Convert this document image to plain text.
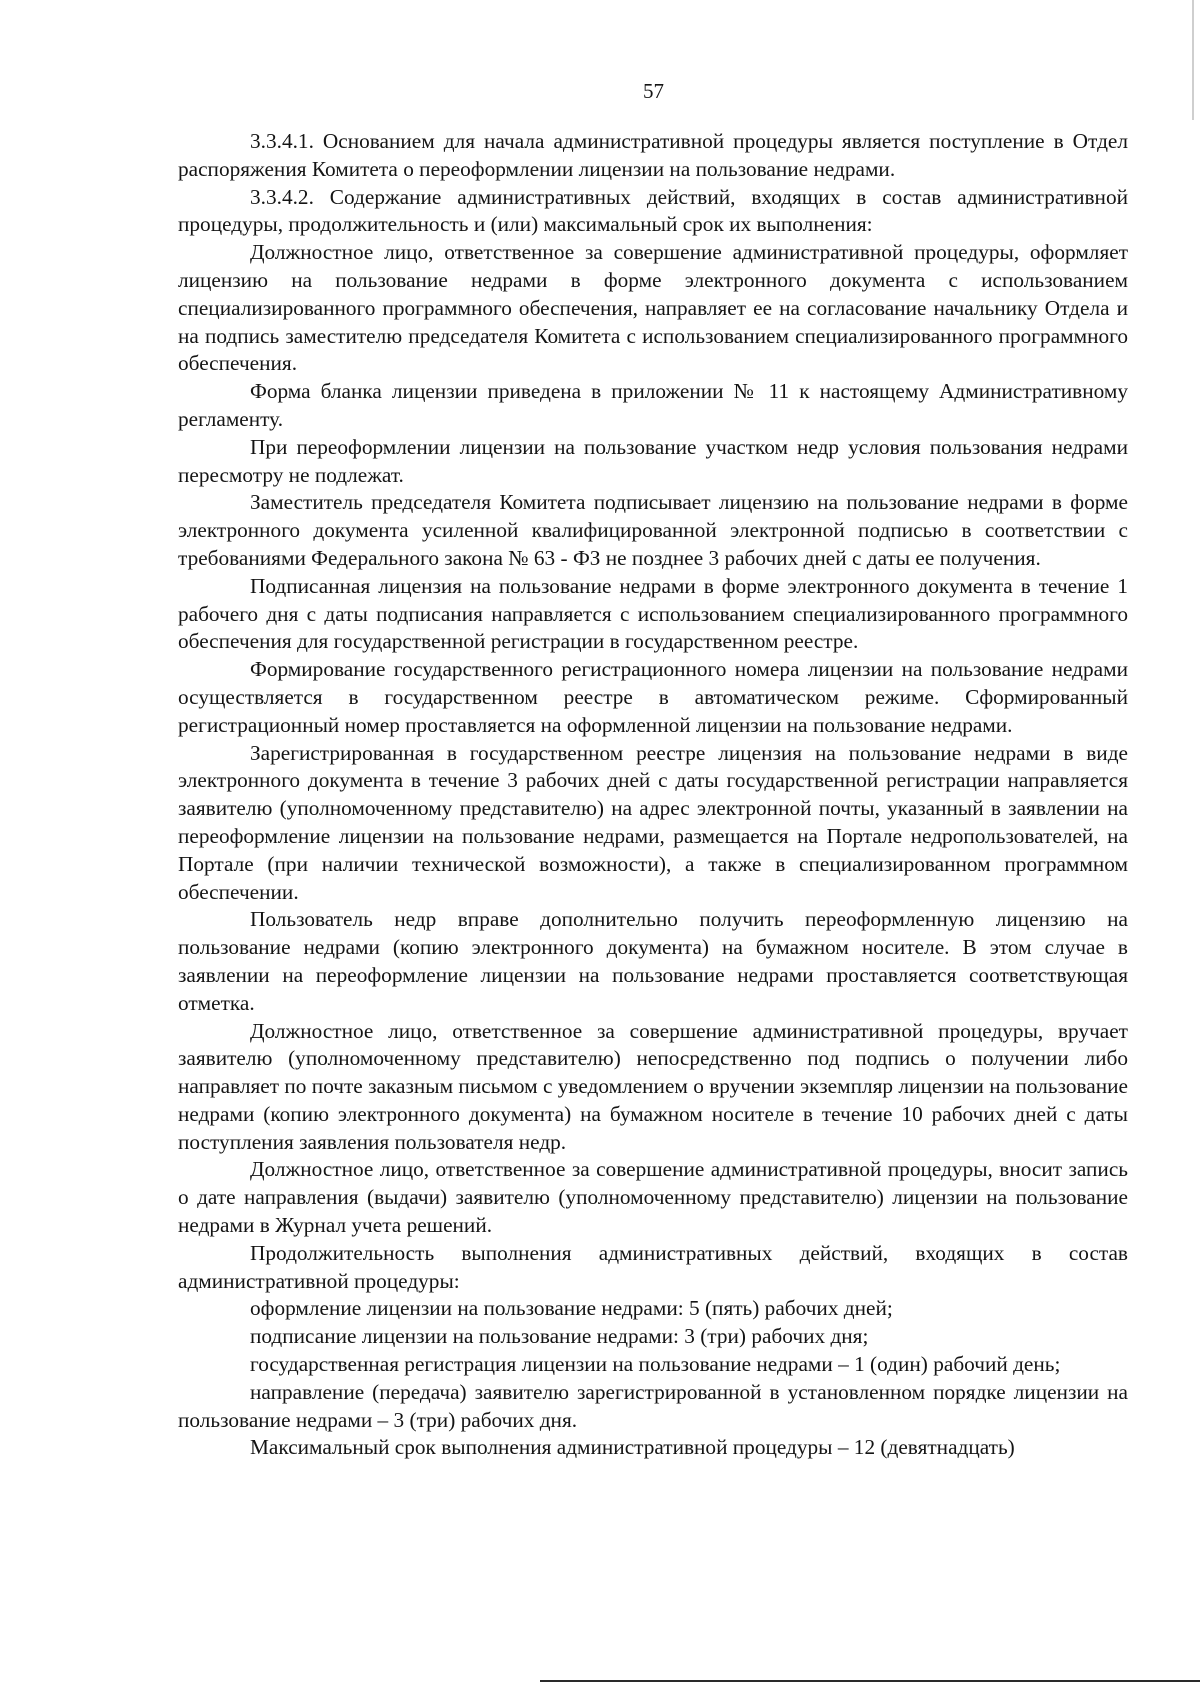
57

3.3.4.1. Основанием для начала административной процедуры является поступление в Отдел распоряжения Комитета о переоформлении лицензии на пользование недрами.

3.3.4.2. Содержание административных действий, входящих в состав административной процедуры, продолжительность и (или) максимальный срок их выполнения:

Должностное лицо, ответственное за совершение административной процедуры, оформляет лицензию на пользование недрами в форме электронного документа с использованием специализированного программного обеспечения, направляет ее на согласование начальнику Отдела и на подпись заместителю председателя Комитета с использованием специализированного программного обеспечения.

Форма бланка лицензии приведена в приложении № 11 к настоящему Административному регламенту.

При переоформлении лицензии на пользование участком недр условия пользования недрами пересмотру не подлежат.

Заместитель председателя Комитета подписывает лицензию на пользование недрами в форме электронного документа усиленной квалифицированной электронной подписью в соответствии с требованиями Федерального закона № 63 - ФЗ не позднее 3 рабочих дней с даты ее получения.

Подписанная лицензия на пользование недрами в форме электронного документа в течение 1 рабочего дня с даты подписания направляется с использованием специализированного программного обеспечения для государственной регистрации в государственном реестре.

Формирование государственного регистрационного номера лицензии на пользование недрами осуществляется в государственном реестре в автоматическом режиме. Сформированный регистрационный номер проставляется на оформленной лицензии на пользование недрами.

Зарегистрированная в государственном реестре лицензия на пользование недрами в виде электронного документа в течение 3 рабочих дней с даты государственной регистрации направляется заявителю (уполномоченному представителю) на адрес электронной почты, указанный в заявлении на переоформление лицензии на пользование недрами, размещается на Портале недропользователей, на Портале (при наличии технической возможности), а также в специализированном программном обеспечении.

Пользователь недр вправе дополнительно получить переоформленную лицензию на пользование недрами (копию электронного документа) на бумажном носителе. В этом случае в заявлении на переоформление лицензии на пользование недрами проставляется соответствующая отметка.

Должностное лицо, ответственное за совершение административной процедуры, вручает заявителю (уполномоченному представителю) непосредственно под подпись о получении либо направляет по почте заказным письмом с уведомлением о вручении экземпляр лицензии на пользование недрами (копию электронного документа) на бумажном носителе в течение 10 рабочих дней с даты поступления заявления пользователя недр.

Должностное лицо, ответственное за совершение административной процедуры, вносит запись о дате направления (выдачи) заявителю (уполномоченному представителю) лицензии на пользование недрами в Журнал учета решений.

Продолжительность выполнения административных действий, входящих в состав административной процедуры:

оформление лицензии на пользование недрами: 5 (пять) рабочих дней;

подписание лицензии на пользование недрами: 3 (три) рабочих дня;

государственная регистрация лицензии на пользование недрами – 1 (один) рабочий день;

направление (передача) заявителю зарегистрированной в установленном порядке лицензии на пользование недрами – 3 (три) рабочих дня.

Максимальный срок выполнения административной процедуры – 12 (девятнадцать)
